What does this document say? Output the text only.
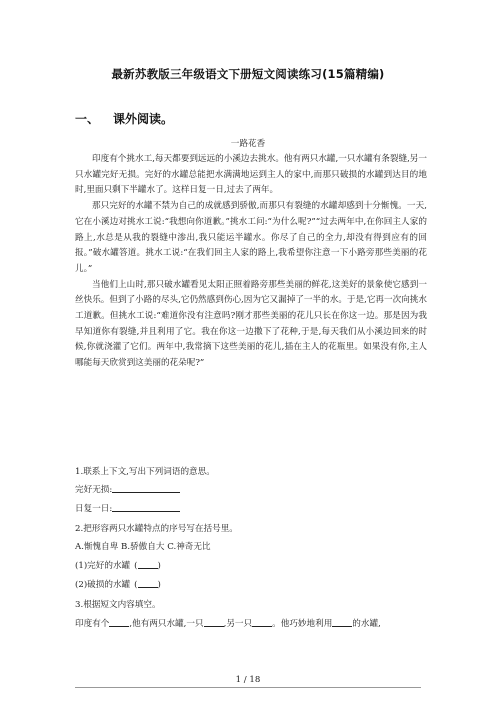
最新苏教版三年级语文下册短文阅读练习(15篇精编)
一、 课外阅读。
一路花香

印度有个挑水工,每天都要到远远的小溪边去挑水。他有两只水罐,一只水罐有条裂缝,另一只水罐完好无损。完好的水罐总能把水满满地运到主人的家中,而那只破损的水罐到达目的地时,里面只剩下半罐水了。这样日复一日,过去了两年。

那只完好的水罐不禁为自己的成就感到骄傲,而那只有裂缝的水罐却感到十分惭愧。一天,它在小溪边对挑水工说:“我想向你道歉。”挑水工问:“为什么呢?”“过去两年中,在你回主人家的路上,水总是从我的裂缝中渗出,我只能运半罐水。你尽了自己的全力,却没有得到应有的回报。”破水罐答道。挑水工说:“在我们回主人家的路上,我希望你注意一下小路旁那些美丽的花儿。”

当他们上山时,那只破水罐看见太阳正照着路旁那些美丽的鲜花,这美好的景象使它感到一丝快乐。但到了小路的尽头,它仍然感到伤心,因为它又漏掉了一半的水。于是,它再一次向挑水工道歉。但挑水工说:“难道你没有注意吗?刚才那些美丽的花儿只长在你这一边。那是因为我早知道你有裂缝,并且利用了它。我在你这一边撒下了花种,于是,每天我们从小溪边回来的时候,你就浇灌了它们。两年中,我常摘下这些美丽的花儿,插在主人的花瓶里。如果没有你,主人哪能每天欣赏到这美丽的花朵呢?”

1.联系上下文,写出下列词语的意思。
完好无损:
日复一日:
2.把形容两只水罐特点的序号写在括号里。
A.惭愧自卑 B.骄傲自大 C.神奇无比
(1)完好的水罐 ( )
(2)破损的水罐 ( )
3.根据短文内容填空。
印度有个 ,他有两只水罐,一只 ,另一只 。他巧妙地利用 的水罐,
1 / 18
